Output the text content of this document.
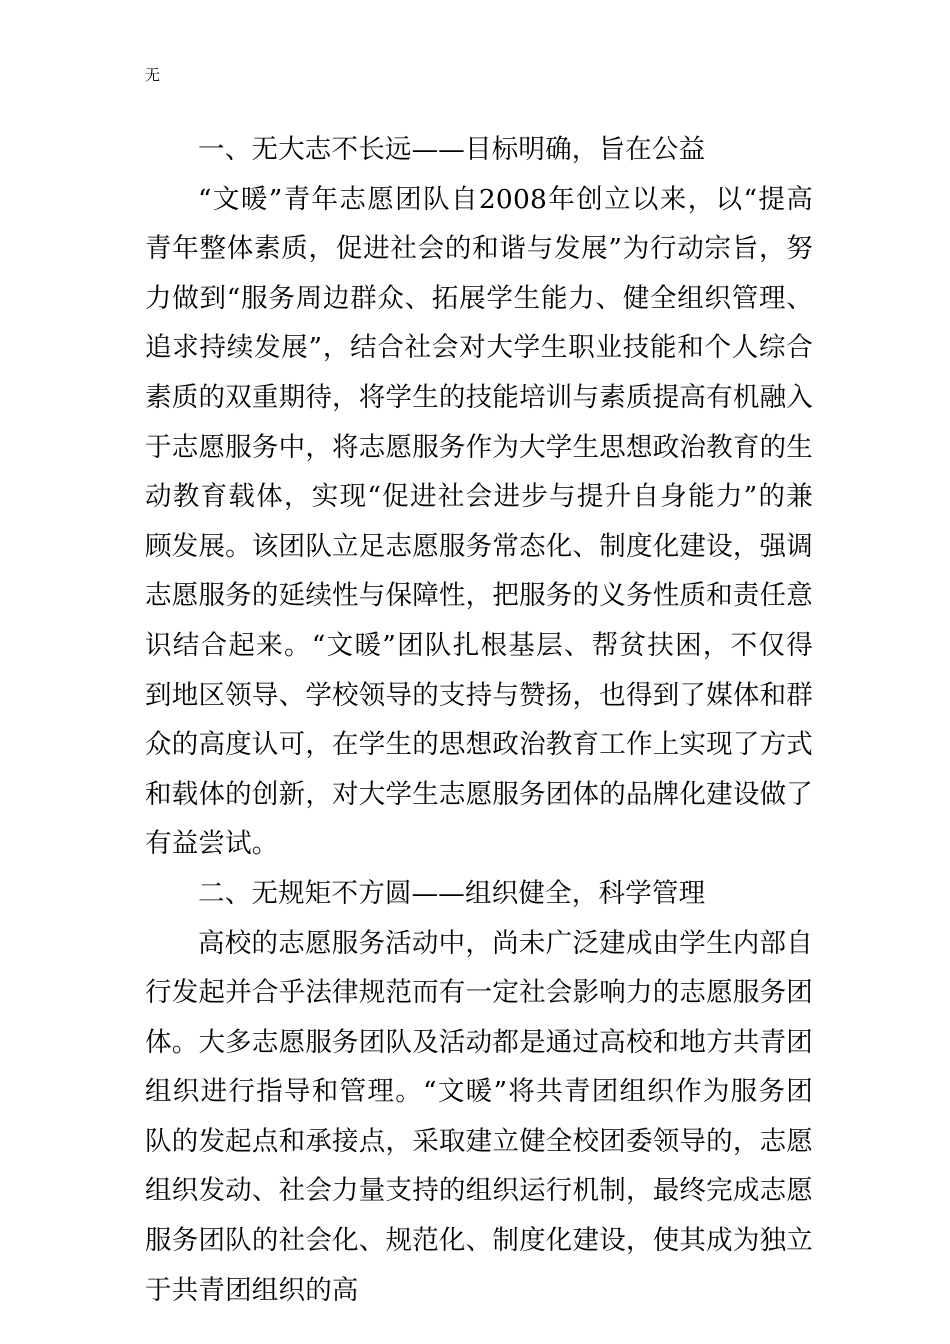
无

一、无大志不长远——目标明确，旨在公益

“文暖”青年志愿团队自2008年创立以来，以“提高青年整体素质，促进社会的和谐与发展”为行动宗旨，努力做到“服务周边群众、拓展学生能力、健全组织管理、追求持续发展”，结合社会对大学生职业技能和个人综合素质的双重期待，将学生的技能培训与素质提高有机融入于志愿服务中，将志愿服务作为大学生思想政治教育的生动教育载体，实现“促进社会进步与提升自身能力”的兼顾发展。该团队立足志愿服务常态化、制度化建设，强调志愿服务的延续性与保障性，把服务的义务性质和责任意识结合起来。“文暖”团队扎根基层、帮贫扶困，不仅得到地区领导、学校领导的支持与赞扬，也得到了媒体和群众的高度认可，在学生的思想政治教育工作上实现了方式和载体的创新，对大学生志愿服务团体的品牌化建设做了有益尝试。

二、无规矩不方圆——组织健全，科学管理

高校的志愿服务活动中，尚未广泛建成由学生内部自行发起并合乎法律规范而有一定社会影响力的志愿服务团体。大多志愿服务团队及活动都是通过高校和地方共青团组织进行指导和管理。“文暖”将共青团组织作为服务团队的发起点和承接点，采取建立健全校团委领导的，志愿组织发动、社会力量支持的组织运行机制，最终完成志愿服务团队的社会化、规范化、制度化建设，使其成为独立于共青团组织的高
